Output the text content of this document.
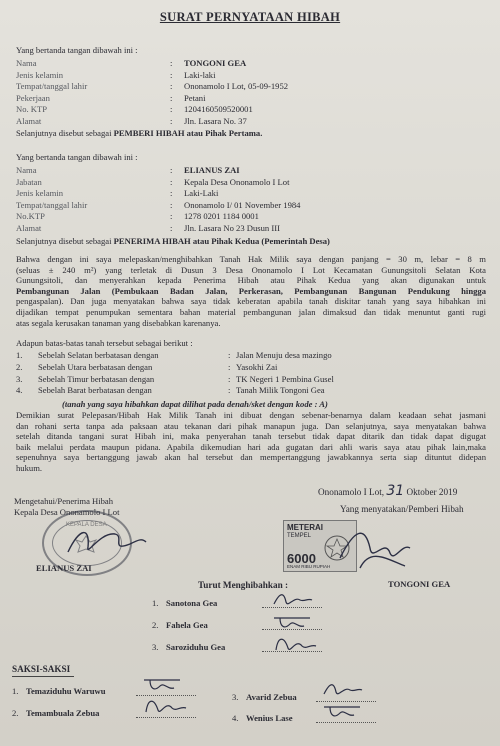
SURAT PERNYATAAN HIBAH
Yang bertanda tangan dibawah ini :
Nama	: TONGONI GEA
Jenis kelamin	: Laki-laki
Tempat/tanggal lahir	: Ononamolo I Lot, 05-09-1952
Pekerjaan	: Petani
No. KTP	: 1204160509520001
Alamat	: Jln. Lasara No. 37
Selanjutnya disebut sebagai PEMBERI HIBAH atau Pihak Pertama.
Yang bertanda tangan dibawah ini :
Nama	: ELIANUS ZAI
Jabatan	: Kepala Desa Ononamolo I Lot
Jenis kelamin	: Laki-Laki
Tempat/tanggal lahir	: Ononamolo I/ 01 November 1984
No.KTP	: 1278 0201 1184 0001
Alamat	: Jln. Lasara No 23 Dusun III
Selanjutnya disebut sebagai PENERIMA HIBAH atau Pihak Kedua (Pemerintah Desa)
Bahwa dengan ini saya melepaskan/menghibahkan Tanah Hak Milik saya dengan panjang = 30 m, lebar = 8 m
(seluas ± 240 m²) yang terletak di Dusun 3 Desa Ononamolo I Lot Kecamatan Gunungsitoli Selatan Kota
Gunungsitoli, dan menyerahkan kepada Penerima Hibah atau Pihak Kedua yang akan digunakan untuk
Pembangunan Jalan (Pembukaan Badan Jalan, Perkerasan, Pembangunan Bangunan Pendukung hingga
pengaspalan). Dan juga menyatakan bahwa saya tidak keberatan apabila tanah diskitar tanah yang saya hibahkan ini
dijadikan tempat penumpukan sementara bahan material pembangunan jalan dimaksud dan tidak menuntut ganti rugi
atas segala kerusakan tanaman yang disebabkan karenanya.
Adapun batas-batas tanah tersebut sebagai berikut :
1. Sebelah Selatan berbatasan dengan	: Jalan Menuju desa mazingo
2. Sebelah Utara berbatasan dengan	: Yasokhi Zai
3. Sebelah Timur berbatasan dengan	: TK Negeri 1 Pembina Gusel
4. Sebelah Barat berbatasan dengan	: Tanah Milik Tongoni Gea
(tanah yang saya hibahkan dapat dilihat pada denah/sket dengan kode : A)
Demikian surat Pelepasan/Hibah Hak Milik Tanah ini dibuat dengan sebenar-benarnya dalam keadaan sehat jasmani
dan rohani serta tanpa ada paksaan atau tekanan dari pihak manapun juga. Dan selanjutnya, saya menyatakan bahwa
setelah ditanda tangani surat Hibah ini, maka penyerahan tanah tersebut tidak dapat ditarik dan tidak dapat digugat
baik melalui perdata maupun pidana. Apabila dikemudian hari ada gugatan dari ahli waris saya atau pihak lain,maka
sepenuhnya saya bertanggung jawab akan hal tersebut dan mempertanggung jawabkannya serta siap dituntut didepan
hukum.
Ononamolo I Lot, 31 Oktober 2019
Yang menyatakan/Pemberi Hibah
Mengetahui/Penerima Hibah
Kepala Desa Ononamolo I Lot
KEPALA DESA
ELIANUS ZAI
METERAI
TEMPEL
6000
ENAM RIBU RUPIAH
TONGONI GEA
Turut Menghibahkan :
1. Sanotona Gea
2. Fahela Gea
3. Saroziduhu Gea
SAKSI-SAKSI
1. Temaziduhu Waruwu
2. Temambuala Zebua
3. Avarid Zebua
4. Wenius Lase
